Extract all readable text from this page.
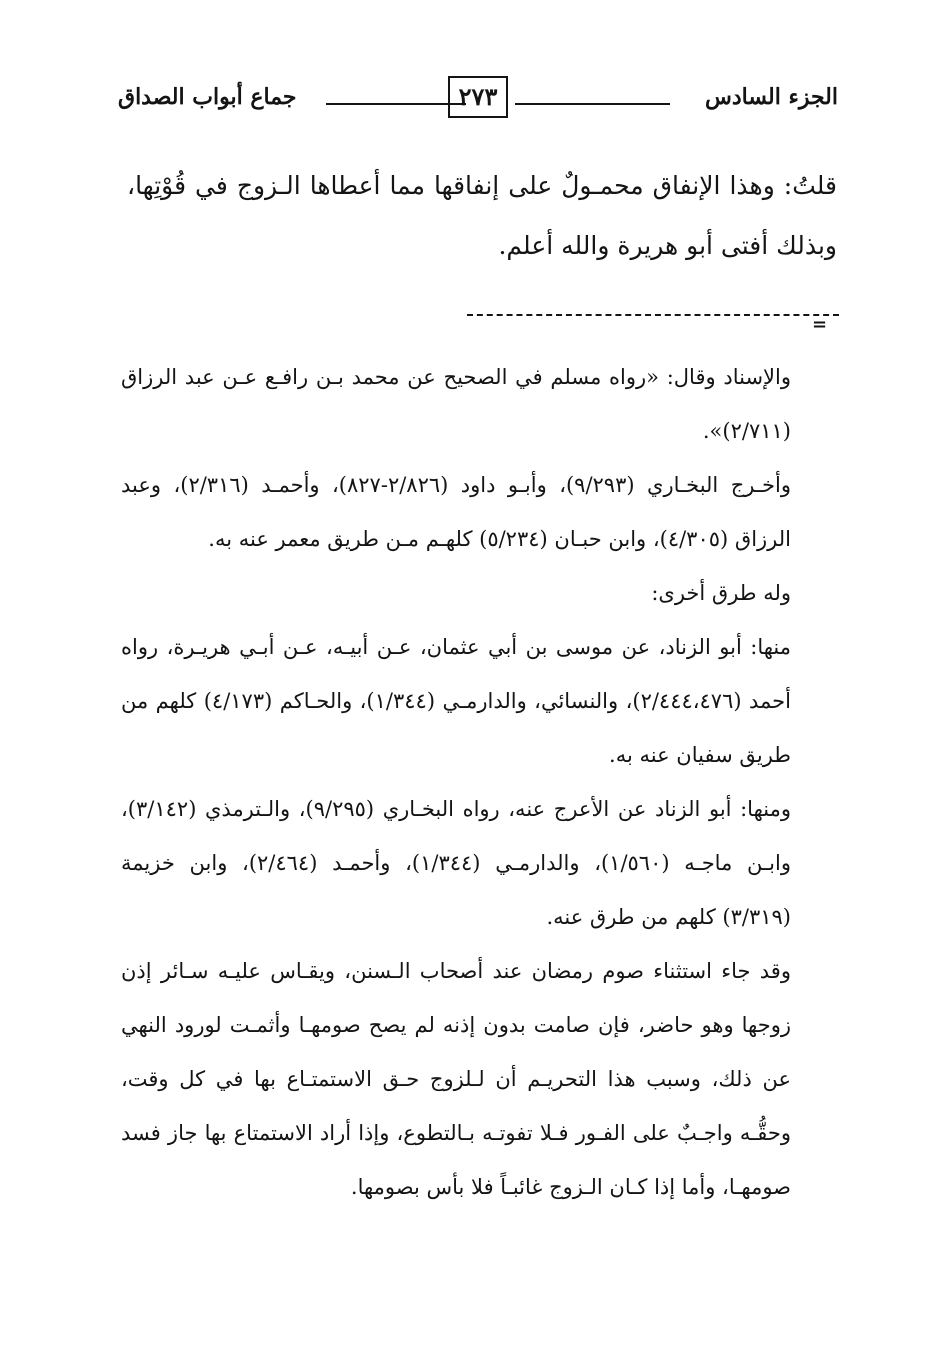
الجزء السادس
٢٧٣
جماع أبواب الصداق

قلتُ: وهذا الإنفاق محمـولٌ على إنفاقها مما أعطاها الـزوج في قُوْتِها، وبذلك أفتى أبو هريرة والله أعلم.

=

والإسناد وقال: «رواه مسلم في الصحيح عن محمد بـن رافـع عـن عبد الرزاق (٢/٧١١)».

وأخـرج البخـاري (٩/٢٩٣)، وأبـو داود (٢/٨٢٦-٨٢٧)، وأحمـد (٢/٣١٦)، وعبد الرزاق (٤/٣٠٥)، وابن حبـان (٥/٢٣٤) كلهـم مـن طريق معمر عنه به.

وله طرق أخرى:

منها: أبو الزناد، عن موسى بن أبي عثمان، عـن أبيـه، عـن أبـي هريـرة، رواه أحمد (٢/٤٤٤،٤٧٦)، والنسائي، والدارمـي (١/٣٤٤)، والحـاكم (٤/١٧٣) كلهم من طريق سفيان عنه به.

ومنها: أبو الزناد عن الأعرج عنه، رواه البخـاري (٩/٢٩٥)، والـترمذي (٣/١٤٢)، وابـن ماجـه (١/٥٦٠)، والدارمـي (١/٣٤٤)، وأحمـد (٢/٤٦٤)، وابن خزيمة (٣/٣١٩) كلهم من طرق عنه.

وقد جاء استثناء صوم رمضان عند أصحاب الـسنن، ويقـاس عليـه سـائر إذن زوجها وهو حاضر، فإن صامت بدون إذنه لم يصح صومهـا وأثمـت لورود النهي عن ذلك، وسبب هذا التحريـم أن لـلزوج حـق الاستمتـاع بها في كل وقت، وحقُّـه واجـبٌ على الفـور فـلا تفوتـه بـالتطوع، وإذا أراد الاستمتاع بها جاز فسد صومهـا، وأما إذا كـان الـزوج غائبـاً فلا بأس بصومها.
